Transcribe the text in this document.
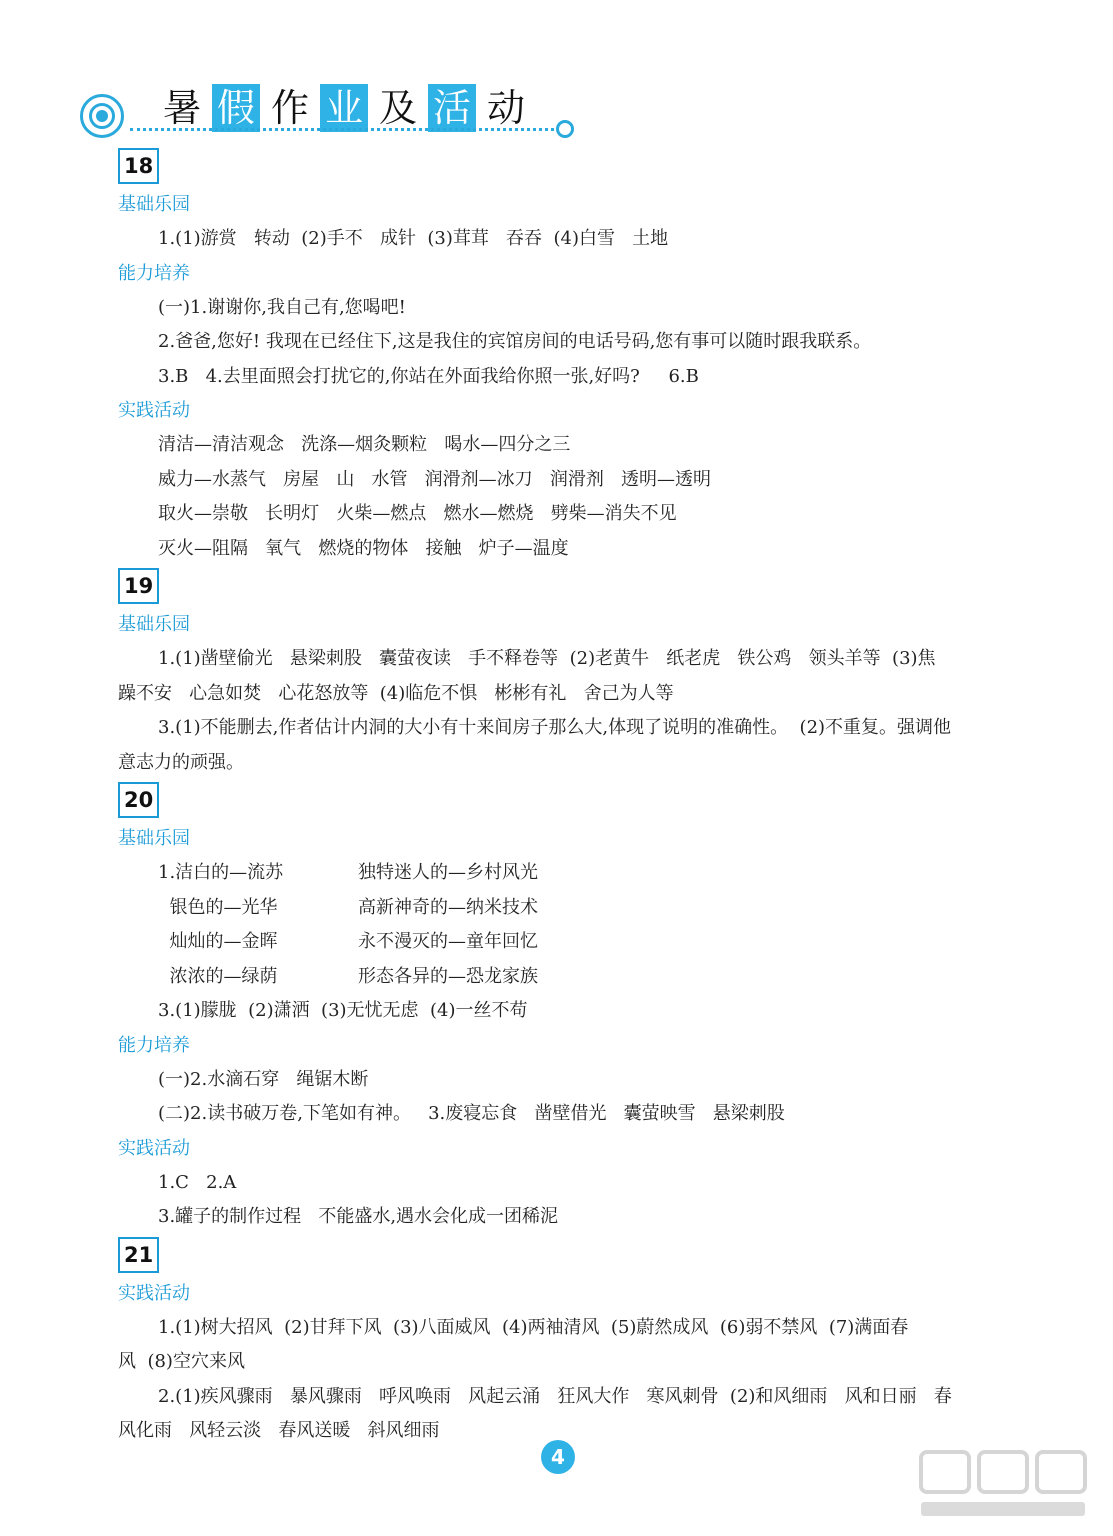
暑 假 作 业 及 活 动
18
基础乐园
1.(1)游赏   转动  (2)手不   成针  (3)茸茸   吞吞  (4)白雪   土地
能力培养
(一)1.谢谢你,我自己有,您喝吧!
2.爸爸,您好! 我现在已经住下,这是我住的宾馆房间的电话号码,您有事可以随时跟我联系。
3.B   4.去里面照会打扰它的,你站在外面我给你照一张,好吗?     6.B
实践活动
清洁—清洁观念   洗涤—烟灸颗粒   喝水—四分之三
威力—水蒸气   房屋   山   水管   润滑剂—冰刀   润滑剂   透明—透明
取火—崇敬   长明灯   火柴—燃点   燃水—燃烧   劈柴—消失不见
灭火—阻隔   氧气   燃烧的物体   接触   炉子—温度
19
基础乐园
1.(1)凿壁偷光   悬梁刺股   囊萤夜读   手不释卷等  (2)老黄牛   纸老虎   铁公鸡   领头羊等  (3)焦
躁不安   心急如焚   心花怒放等  (4)临危不惧   彬彬有礼   舍己为人等
3.(1)不能删去,作者估计内洞的大小有十来间房子那么大,体现了说明的准确性。  (2)不重复。强调他
意志力的顽强。
20
基础乐园
1.洁白的—流苏	独特迷人的—乡村风光
银色的—光华	高新神奇的—纳米技术
灿灿的—金晖	永不漫灭的—童年回忆
浓浓的—绿荫	形态各异的—恐龙家族
3.(1)朦胧  (2)潇洒  (3)无忧无虑  (4)一丝不苟
能力培养
(一)2.水滴石穿   绳锯木断
(二)2.读书破万卷,下笔如有神。   3.废寝忘食   凿壁借光   囊萤映雪   悬梁刺股
实践活动
1.C   2.A
3.罐子的制作过程   不能盛水,遇水会化成一团稀泥
21
实践活动
1.(1)树大招风  (2)甘拜下风  (3)八面威风  (4)两袖清风  (5)蔚然成风  (6)弱不禁风  (7)满面春
风  (8)空穴来风
2.(1)疾风骤雨   暴风骤雨   呼风唤雨   风起云涌   狂风大作   寒风刺骨  (2)和风细雨   风和日丽   春
风化雨   风轻云淡   春风送暖   斜风细雨
4
